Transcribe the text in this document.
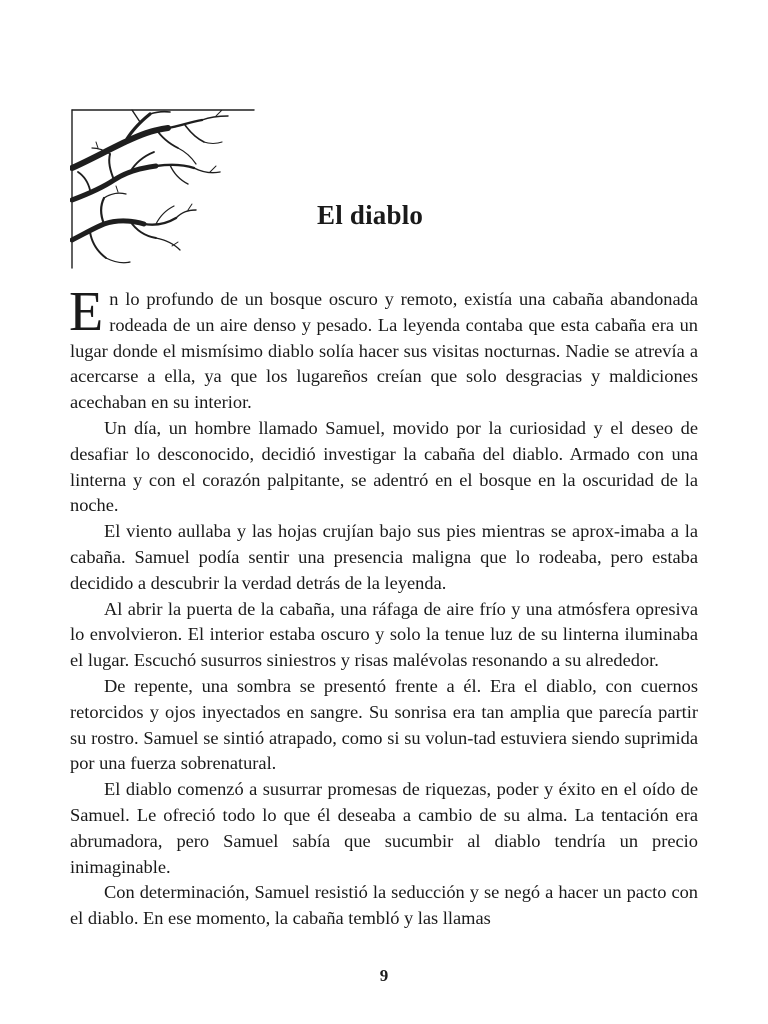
El diablo

En lo profundo de un bosque oscuro y remoto, existía una cabaña abandonada rodeada de un aire denso y pesado. La leyenda contaba que esta cabaña era un lugar donde el mismísimo diablo solía hacer sus visitas nocturnas. Nadie se atrevía a acercarse a ella, ya que los lugareños creían que solo desgracias y maldiciones acechaban en su interior.

Un día, un hombre llamado Samuel, movido por la curiosidad y el deseo de desafiar lo desconocido, decidió investigar la cabaña del diablo. Armado con una linterna y con el corazón palpitante, se adentró en el bosque en la oscuridad de la noche.

El viento aullaba y las hojas crujían bajo sus pies mientras se aprox-imaba a la cabaña. Samuel podía sentir una presencia maligna que lo rodeaba, pero estaba decidido a descubrir la verdad detrás de la leyenda.

Al abrir la puerta de la cabaña, una ráfaga de aire frío y una atmósfera opresiva lo envolvieron. El interior estaba oscuro y solo la tenue luz de su linterna iluminaba el lugar. Escuchó susurros siniestros y risas malévolas resonando a su alrededor.

De repente, una sombra se presentó frente a él. Era el diablo, con cuernos retorcidos y ojos inyectados en sangre. Su sonrisa era tan amplia que parecía partir su rostro. Samuel se sintió atrapado, como si su volun-tad estuviera siendo suprimida por una fuerza sobrenatural.

El diablo comenzó a susurrar promesas de riquezas, poder y éxito en el oído de Samuel. Le ofreció todo lo que él deseaba a cambio de su alma. La tentación era abrumadora, pero Samuel sabía que sucumbir al diablo tendría un precio inimaginable.

Con determinación, Samuel resistió la seducción y se negó a hacer un pacto con el diablo. En ese momento, la cabaña tembló y las llamas

9
